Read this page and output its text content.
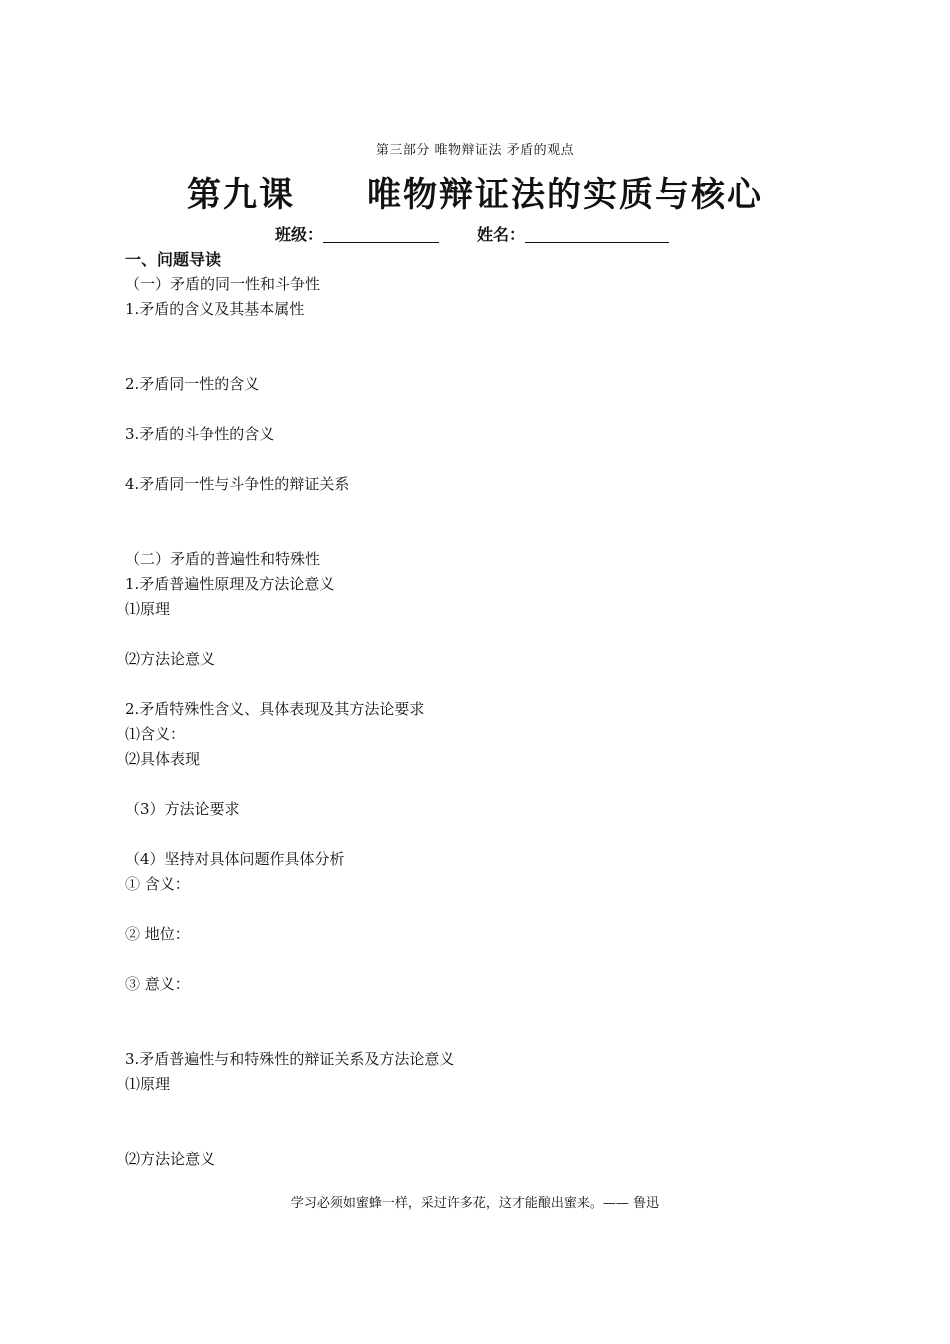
第三部分 唯物辩证法 矛盾的观点
第九课 唯物辩证法的实质与核心
班级：	姓名：
一、问题导读
（一）矛盾的同一性和斗争性
1.矛盾的含义及其基本属性
2.矛盾同一性的含义
3.矛盾的斗争性的含义
4.矛盾同一性与斗争性的辩证关系
（二）矛盾的普遍性和特殊性
1.矛盾普遍性原理及方法论意义
⑴原理
⑵方法论意义
2.矛盾特殊性含义、具体表现及其方法论要求
⑴含义：
⑵具体表现
（3）方法论要求
（4）坚持对具体问题作具体分析
① 含义：
② 地位：
③ 意义：
3.矛盾普遍性与和特殊性的辩证关系及方法论意义
⑴原理
⑵方法论意义
学习必须如蜜蜂一样，采过许多花，这才能酿出蜜来。—— 鲁迅
